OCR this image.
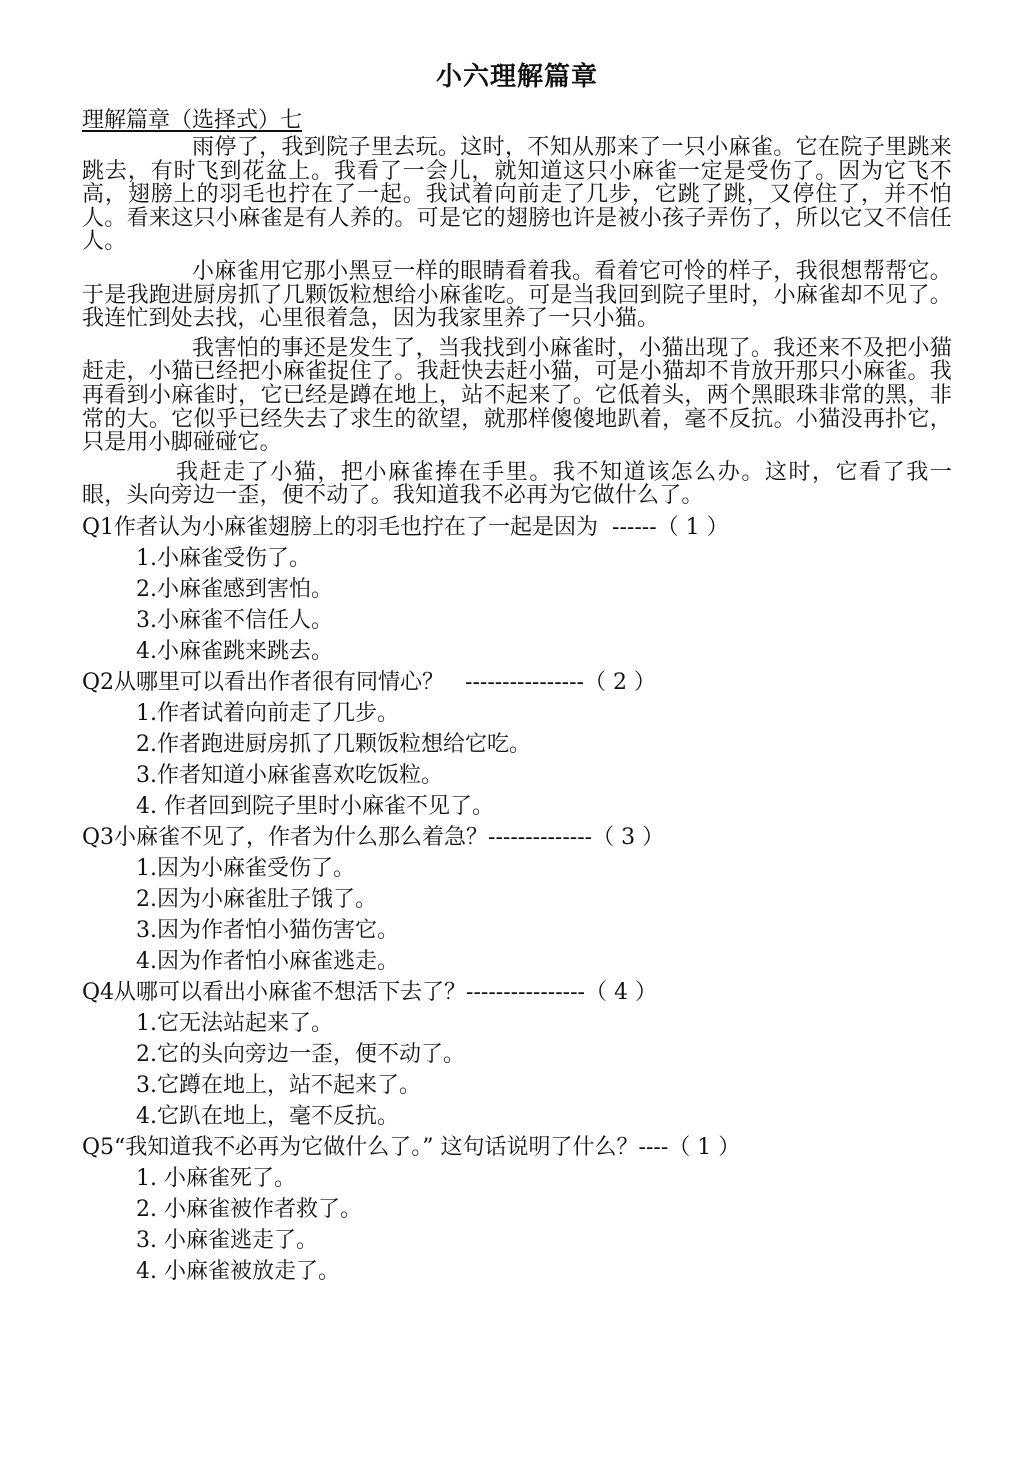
小六理解篇章

理解篇章（选择式）七

雨停了，我到院子里去玩。这时，不知从那来了一只小麻雀。它在院子里跳来跳去，有时飞到花盆上。我看了一会儿，就知道这只小麻雀一定是受伤了。因为它飞不高，翅膀上的羽毛也拧在了一起。我试着向前走了几步，它跳了跳，又停住了，并不怕人。看来这只小麻雀是有人养的。可是它的翅膀也许是被小孩子弄伤了，所以它又不信任人。

小麻雀用它那小黑豆一样的眼睛看着我。看着它可怜的样子，我很想帮帮它。于是我跑进厨房抓了几颗饭粒想给小麻雀吃。可是当我回到院子里时，小麻雀却不见了。我连忙到处去找，心里很着急，因为我家里养了一只小猫。

我害怕的事还是发生了，当我找到小麻雀时，小猫出现了。我还来不及把小猫赶走，小猫已经把小麻雀捉住了。我赶快去赶小猫，可是小猫却不肯放开那只小麻雀。我再看到小麻雀时，它已经是蹲在地上，站不起来了。它低着头，两个黑眼珠非常的黑，非常的大。它似乎已经失去了求生的欲望，就那样傻傻地趴着，毫不反抗。小猫没再扑它，只是用小脚碰碰它。

我赶走了小猫，把小麻雀捧在手里。我不知道该怎么办。这时，它看了我一眼，头向旁边一歪，便不动了。我知道我不必再为它做什么了。

Q1作者认为小麻雀翅膀上的羽毛也拧在了一起是因为  ------（ 1 ）

1.小麻雀受伤了。
2.小麻雀感到害怕。
3.小麻雀不信任人。
4.小麻雀跳来跳去。

Q2从哪里可以看出作者很有同情心？   ----------------（ 2 ）

1.作者试着向前走了几步。
2.作者跑进厨房抓了几颗饭粒想给它吃。
3.作者知道小麻雀喜欢吃饭粒。
4. 作者回到院子里时小麻雀不见了。

Q3小麻雀不见了，作者为什么那么着急？--------------（ 3 ）

1.因为小麻雀受伤了。
2.因为小麻雀肚子饿了。
3.因为作者怕小猫伤害它。
4.因为作者怕小麻雀逃走。

Q4从哪可以看出小麻雀不想活下去了？----------------（ 4 ）

1.它无法站起来了。
2.它的头向旁边一歪，便不动了。
3.它蹲在地上，站不起来了。
4.它趴在地上，毫不反抗。

Q5“我知道我不必再为它做什么了。” 这句话说明了什么？----（ 1 ）

1. 小麻雀死了。
2. 小麻雀被作者救了。
3. 小麻雀逃走了。
4. 小麻雀被放走了。
